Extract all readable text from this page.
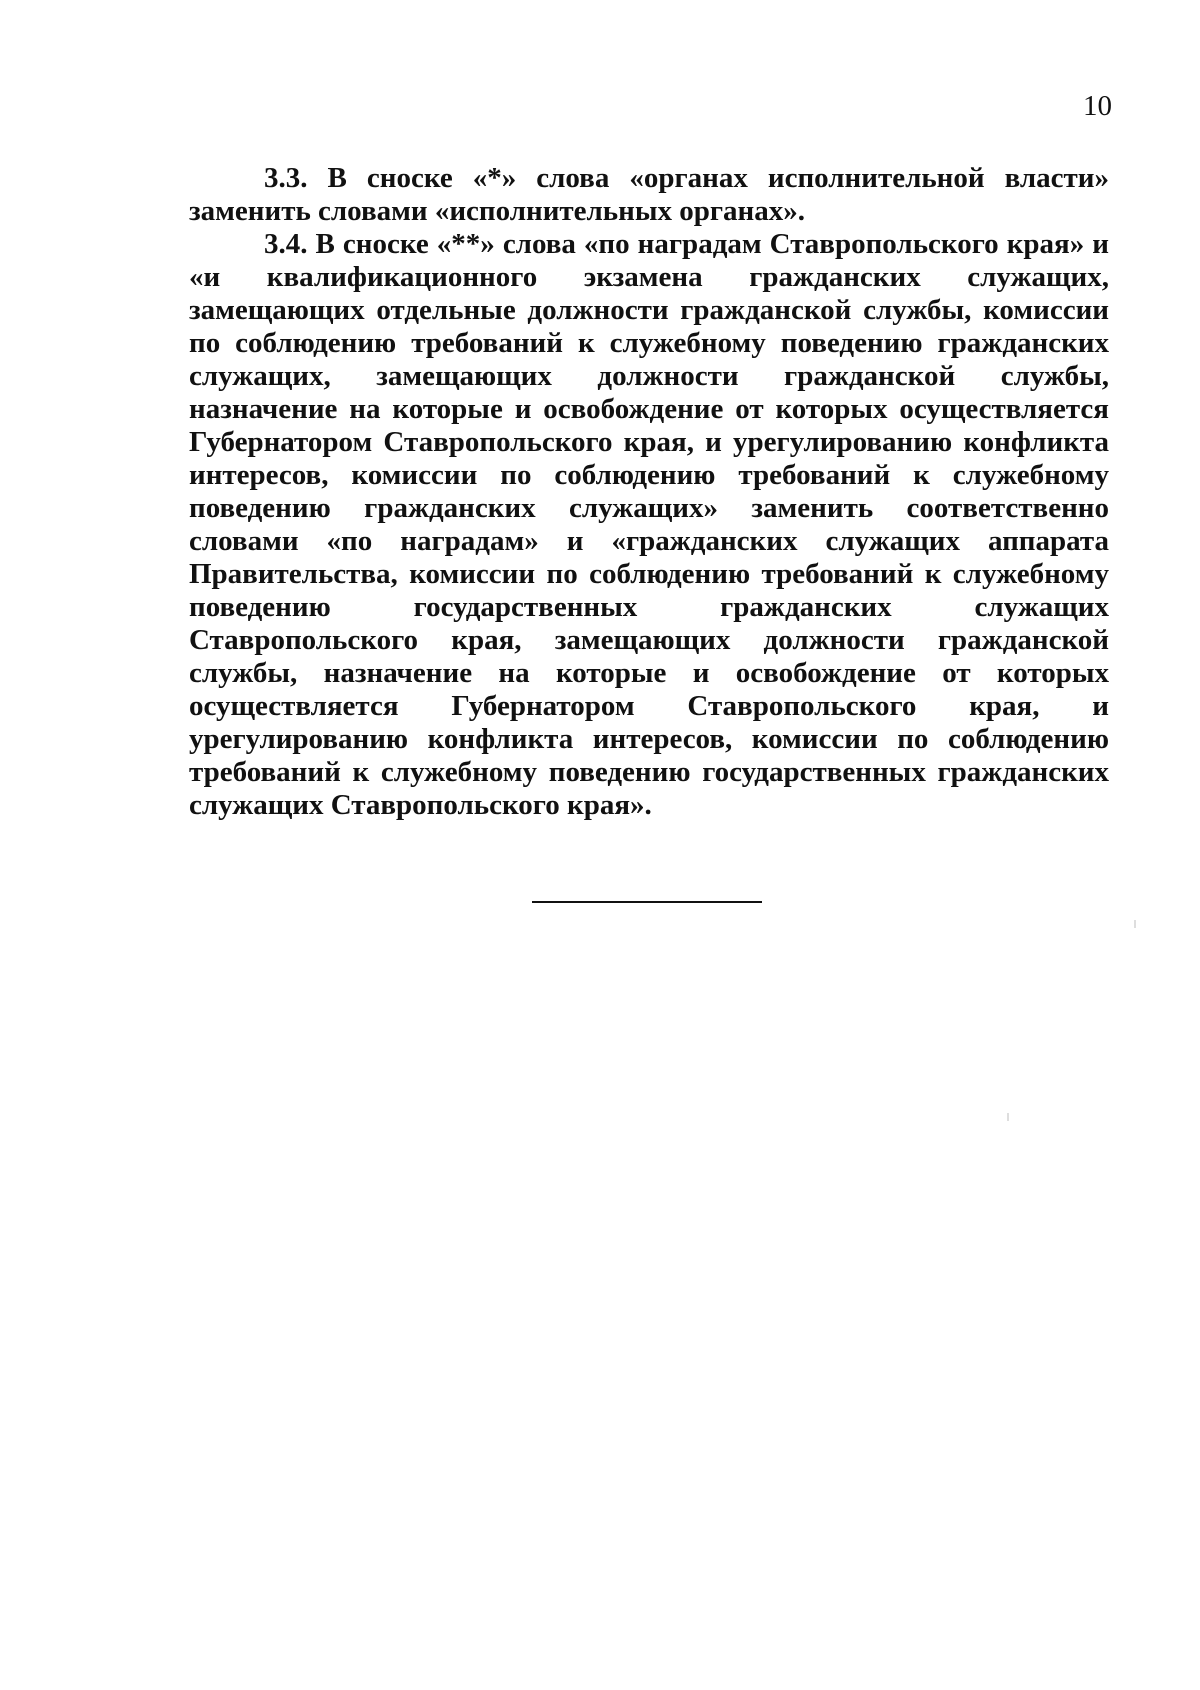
10

3.3. В сноске «*» слова «органах исполнительной власти» заменить словами «исполнительных органах».

3.4. В сноске «**» слова «по наградам Ставропольского края» и «и квалификационного экзамена гражданских служащих, замещающих отдельные должности гражданской службы, комиссии по соблюдению требований к служебному поведению гражданских служащих, замещающих должности гражданской службы, назначение на которые и освобождение от которых осуществляется Губернатором Ставропольского края, и урегулированию конфликта интересов, комиссии по соблюдению требований к служебному поведению гражданских служащих» заменить соответственно словами «по наградам» и «гражданских служащих аппарата Правительства, комиссии по соблюдению требований к служебному поведению государственных гражданских служащих Ставропольского края, замещающих должности гражданской службы, назначение на которые и освобождение от которых осуществляется Губернатором Ставропольского края, и урегулированию конфликта интересов, комиссии по соблюдению требований к служебному поведению государственных гражданских служащих Ставропольского края».
